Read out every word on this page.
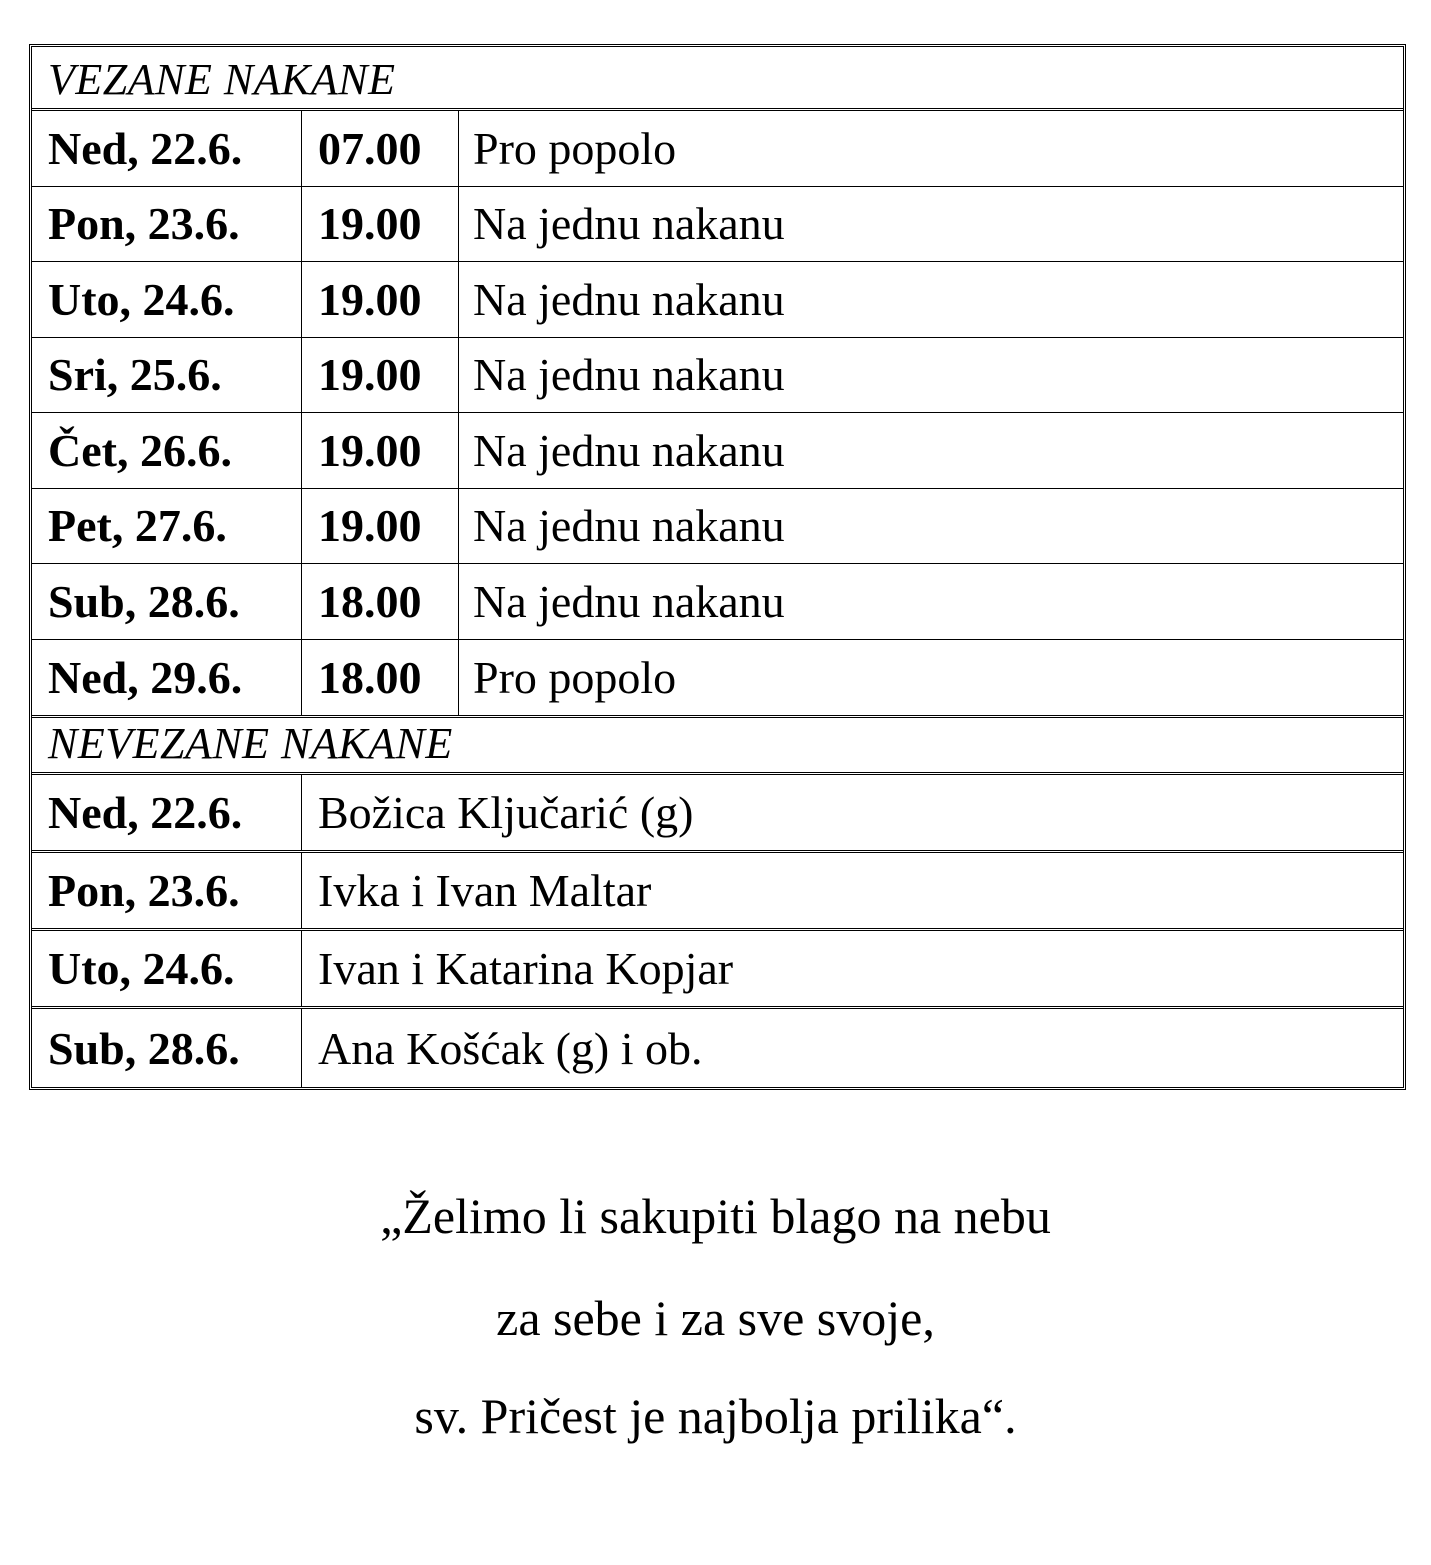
VEZANE NAKANE
Ned, 22.6.	07.00	Pro popolo
Pon, 23.6.	19.00	Na jednu nakanu
Uto, 24.6.	19.00	Na jednu nakanu
Sri, 25.6.	19.00	Na jednu nakanu
Čet, 26.6.	19.00	Na jednu nakanu
Pet, 27.6.	19.00	Na jednu nakanu
Sub, 28.6.	18.00	Na jednu nakanu
Ned, 29.6.	18.00	Pro popolo
NEVEZANE NAKANE
Ned, 22.6.	Božica Ključarić (g)
Pon, 23.6.	Ivka i Ivan Maltar
Uto, 24.6.	Ivan i Katarina Kopjar
Sub, 28.6.	Ana Košćak (g) i ob.
„Želimo li sakupiti blago na nebu
za sebe i za sve svoje,
sv. Pričest je najbolja prilika“.
